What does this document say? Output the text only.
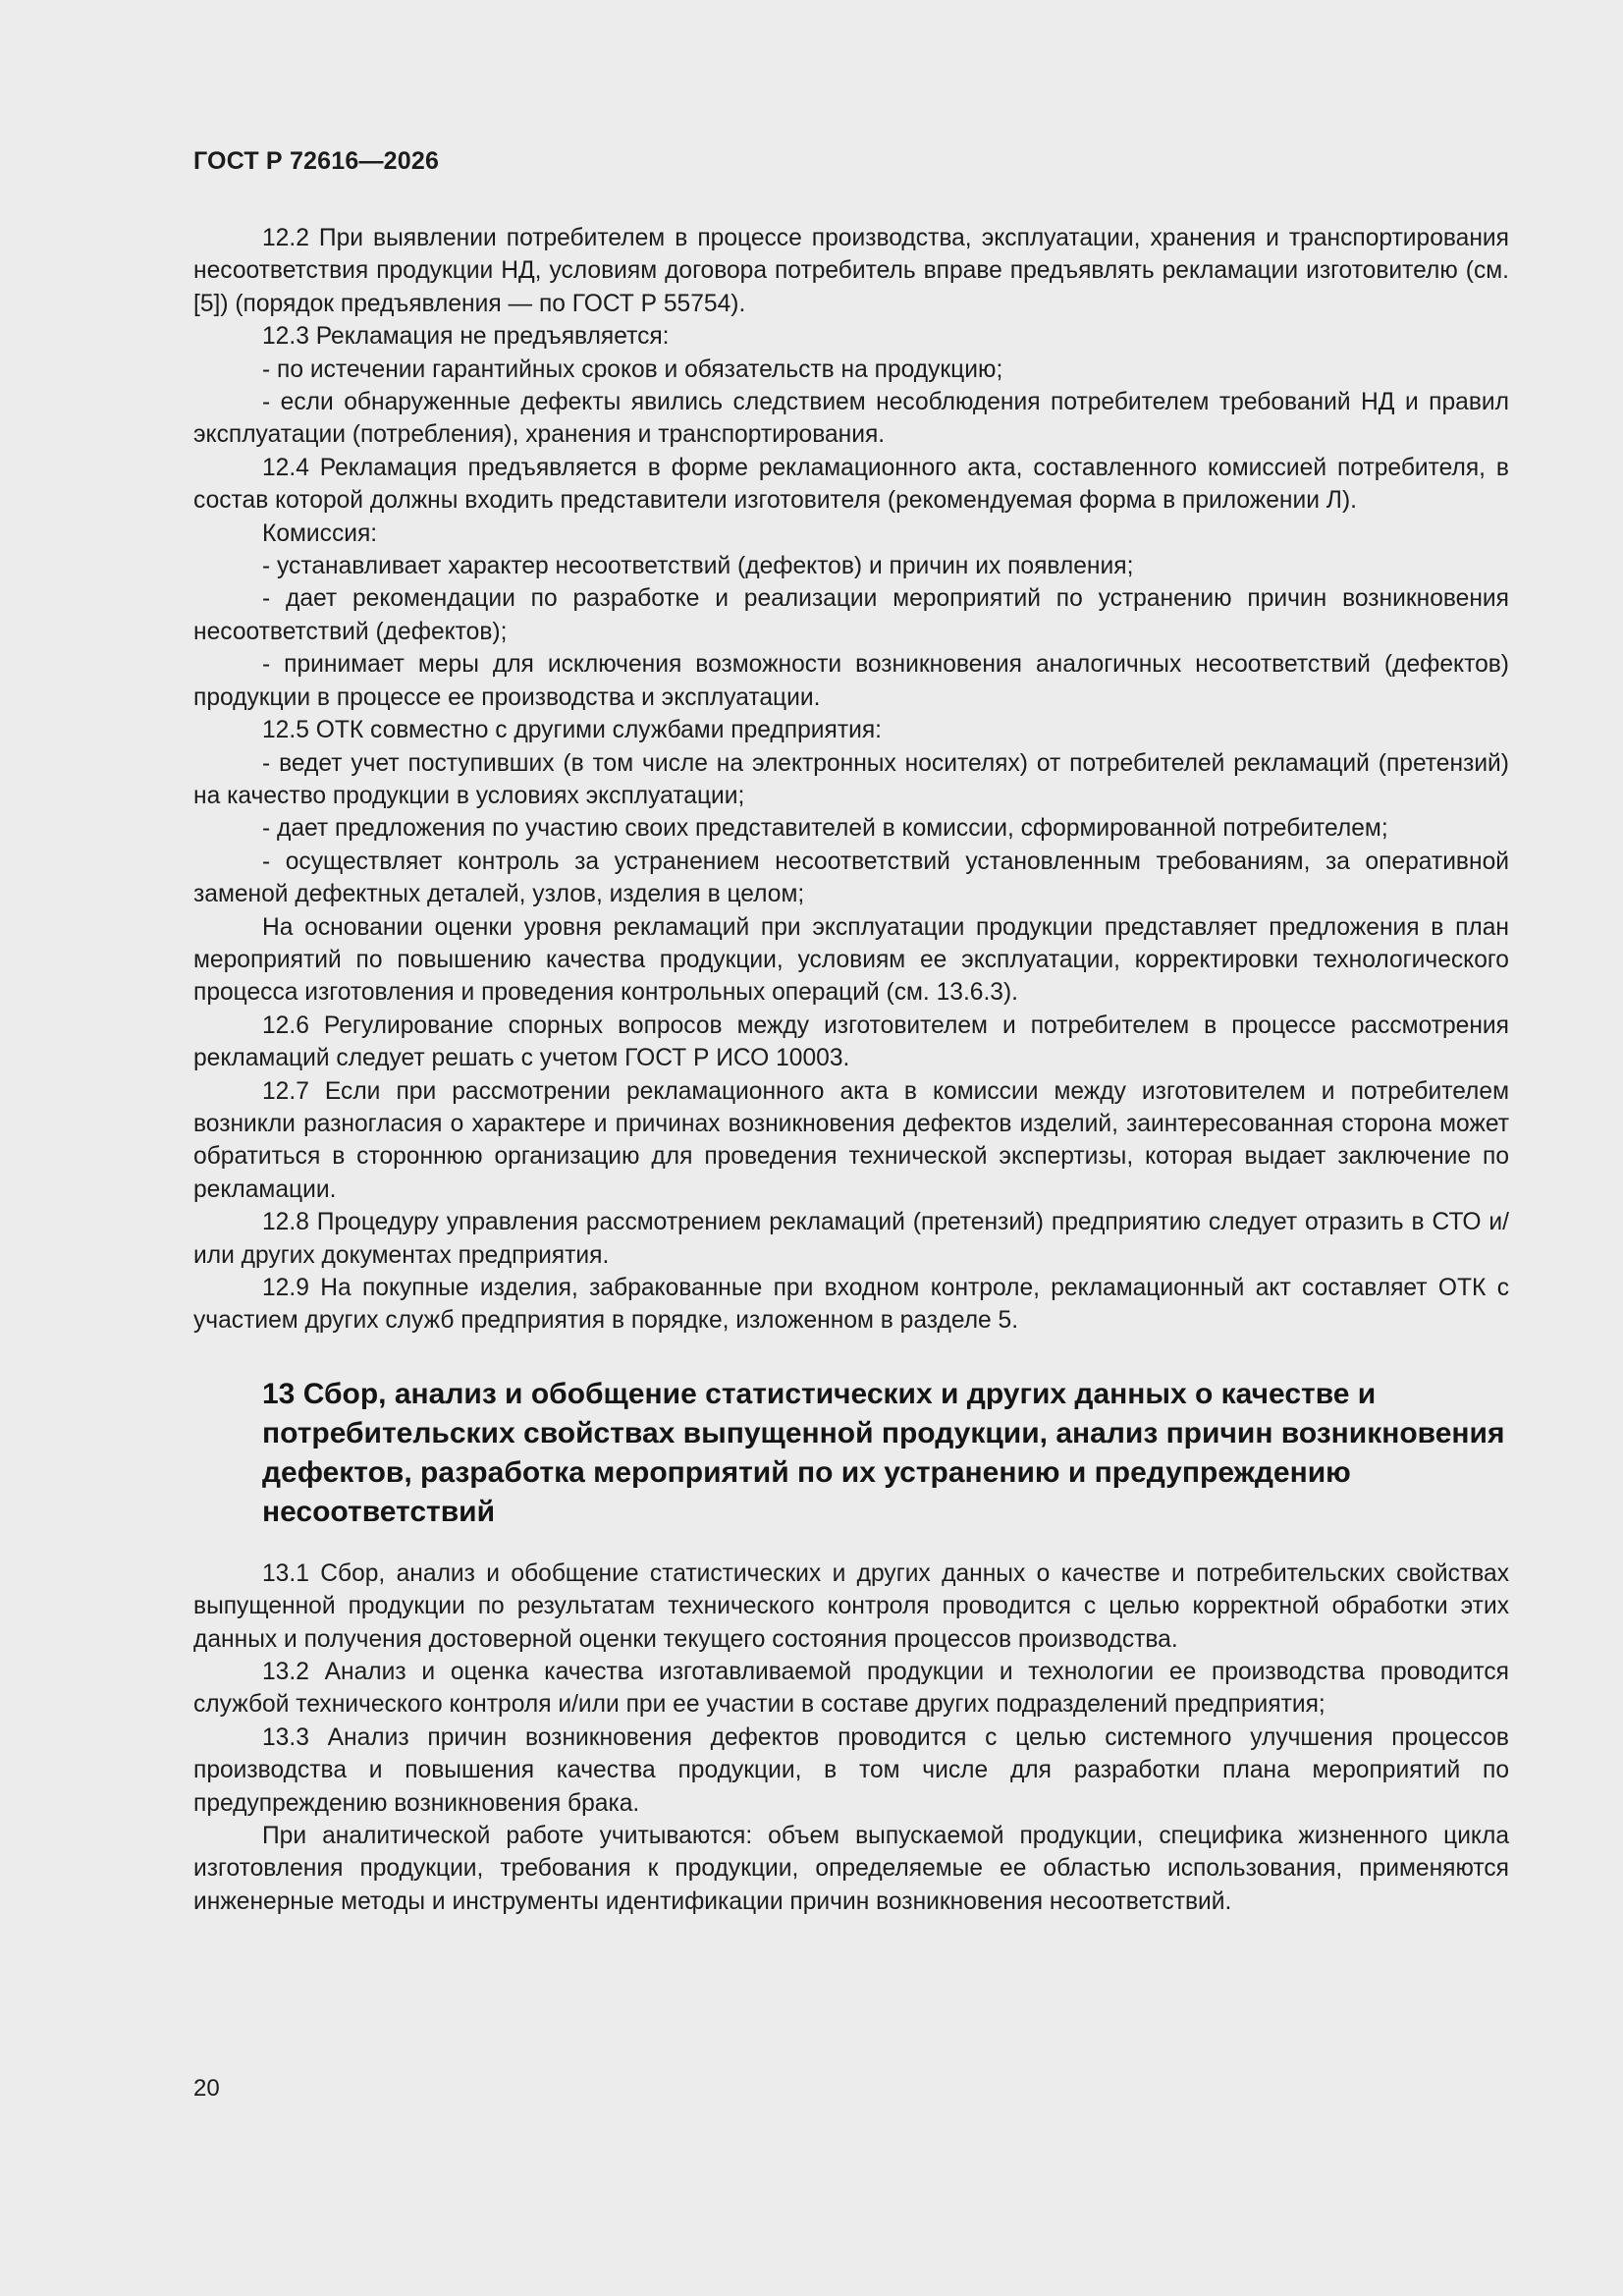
ГОСТ Р 72616—2026

12.2 При выявлении потребителем в процессе производства, эксплуатации, хранения и транспортирования несоответствия продукции НД, условиям договора потребитель вправе предъявлять рекламации изготовителю (см. [5]) (порядок предъявления — по ГОСТ Р 55754).

12.3 Рекламация не предъявляется:

- по истечении гарантийных сроков и обязательств на продукцию;

- если обнаруженные дефекты явились следствием несоблюдения потребителем требований НД и правил эксплуатации (потребления), хранения и транспортирования.

12.4 Рекламация предъявляется в форме рекламационного акта, составленного комиссией потребителя, в состав которой должны входить представители изготовителя (рекомендуемая форма в приложении Л).

Комиссия:

- устанавливает характер несоответствий (дефектов) и причин их появления;

- дает рекомендации по разработке и реализации мероприятий по устранению причин возникновения несоответствий (дефектов);

- принимает меры для исключения возможности возникновения аналогичных несоответствий (дефектов) продукции в процессе ее производства и эксплуатации.

12.5 ОТК совместно с другими службами предприятия:

- ведет учет поступивших (в том числе на электронных носителях) от потребителей рекламаций (претензий) на качество продукции в условиях эксплуатации;

- дает предложения по участию своих представителей в комиссии, сформированной потребителем;

- осуществляет контроль за устранением несоответствий установленным требованиям, за оперативной заменой дефектных деталей, узлов, изделия в целом;

На основании оценки уровня рекламаций при эксплуатации продукции представляет предложения в план мероприятий по повышению качества продукции, условиям ее эксплуатации, корректировки технологического процесса изготовления и проведения контрольных операций (см. 13.6.3).

12.6 Регулирование спорных вопросов между изготовителем и потребителем в процессе рассмотрения рекламаций следует решать с учетом ГОСТ Р ИСО 10003.

12.7 Если при рассмотрении рекламационного акта в комиссии между изготовителем и потребителем возникли разногласия о характере и причинах возникновения дефектов изделий, заинтересованная сторона может обратиться в стороннюю организацию для проведения технической экспертизы, которая выдает заключение по рекламации.

12.8 Процедуру управления рассмотрением рекламаций (претензий) предприятию следует отразить в СТО и/или других документах предприятия.

12.9 На покупные изделия, забракованные при входном контроле, рекламационный акт составляет ОТК с участием других служб предприятия в порядке, изложенном в разделе 5.

13 Сбор, анализ и обобщение статистических и других данных о качестве и потребительских свойствах выпущенной продукции, анализ причин возникновения дефектов, разработка мероприятий по их устранению и предупреждению несоответствий

13.1 Сбор, анализ и обобщение статистических и других данных о качестве и потребительских свойствах выпущенной продукции по результатам технического контроля проводится с целью корректной обработки этих данных и получения достоверной оценки текущего состояния процессов производства.

13.2 Анализ и оценка качества изготавливаемой продукции и технологии ее производства проводится службой технического контроля и/или при ее участии в составе других подразделений предприятия;

13.3 Анализ причин возникновения дефектов проводится с целью системного улучшения процессов производства и повышения качества продукции, в том числе для разработки плана мероприятий по предупреждению возникновения брака.

При аналитической работе учитываются: объем выпускаемой продукции, специфика жизненного цикла изготовления продукции, требования к продукции, определяемые ее областью использования, применяются инженерные методы и инструменты идентификации причин возникновения несоответствий.

20
